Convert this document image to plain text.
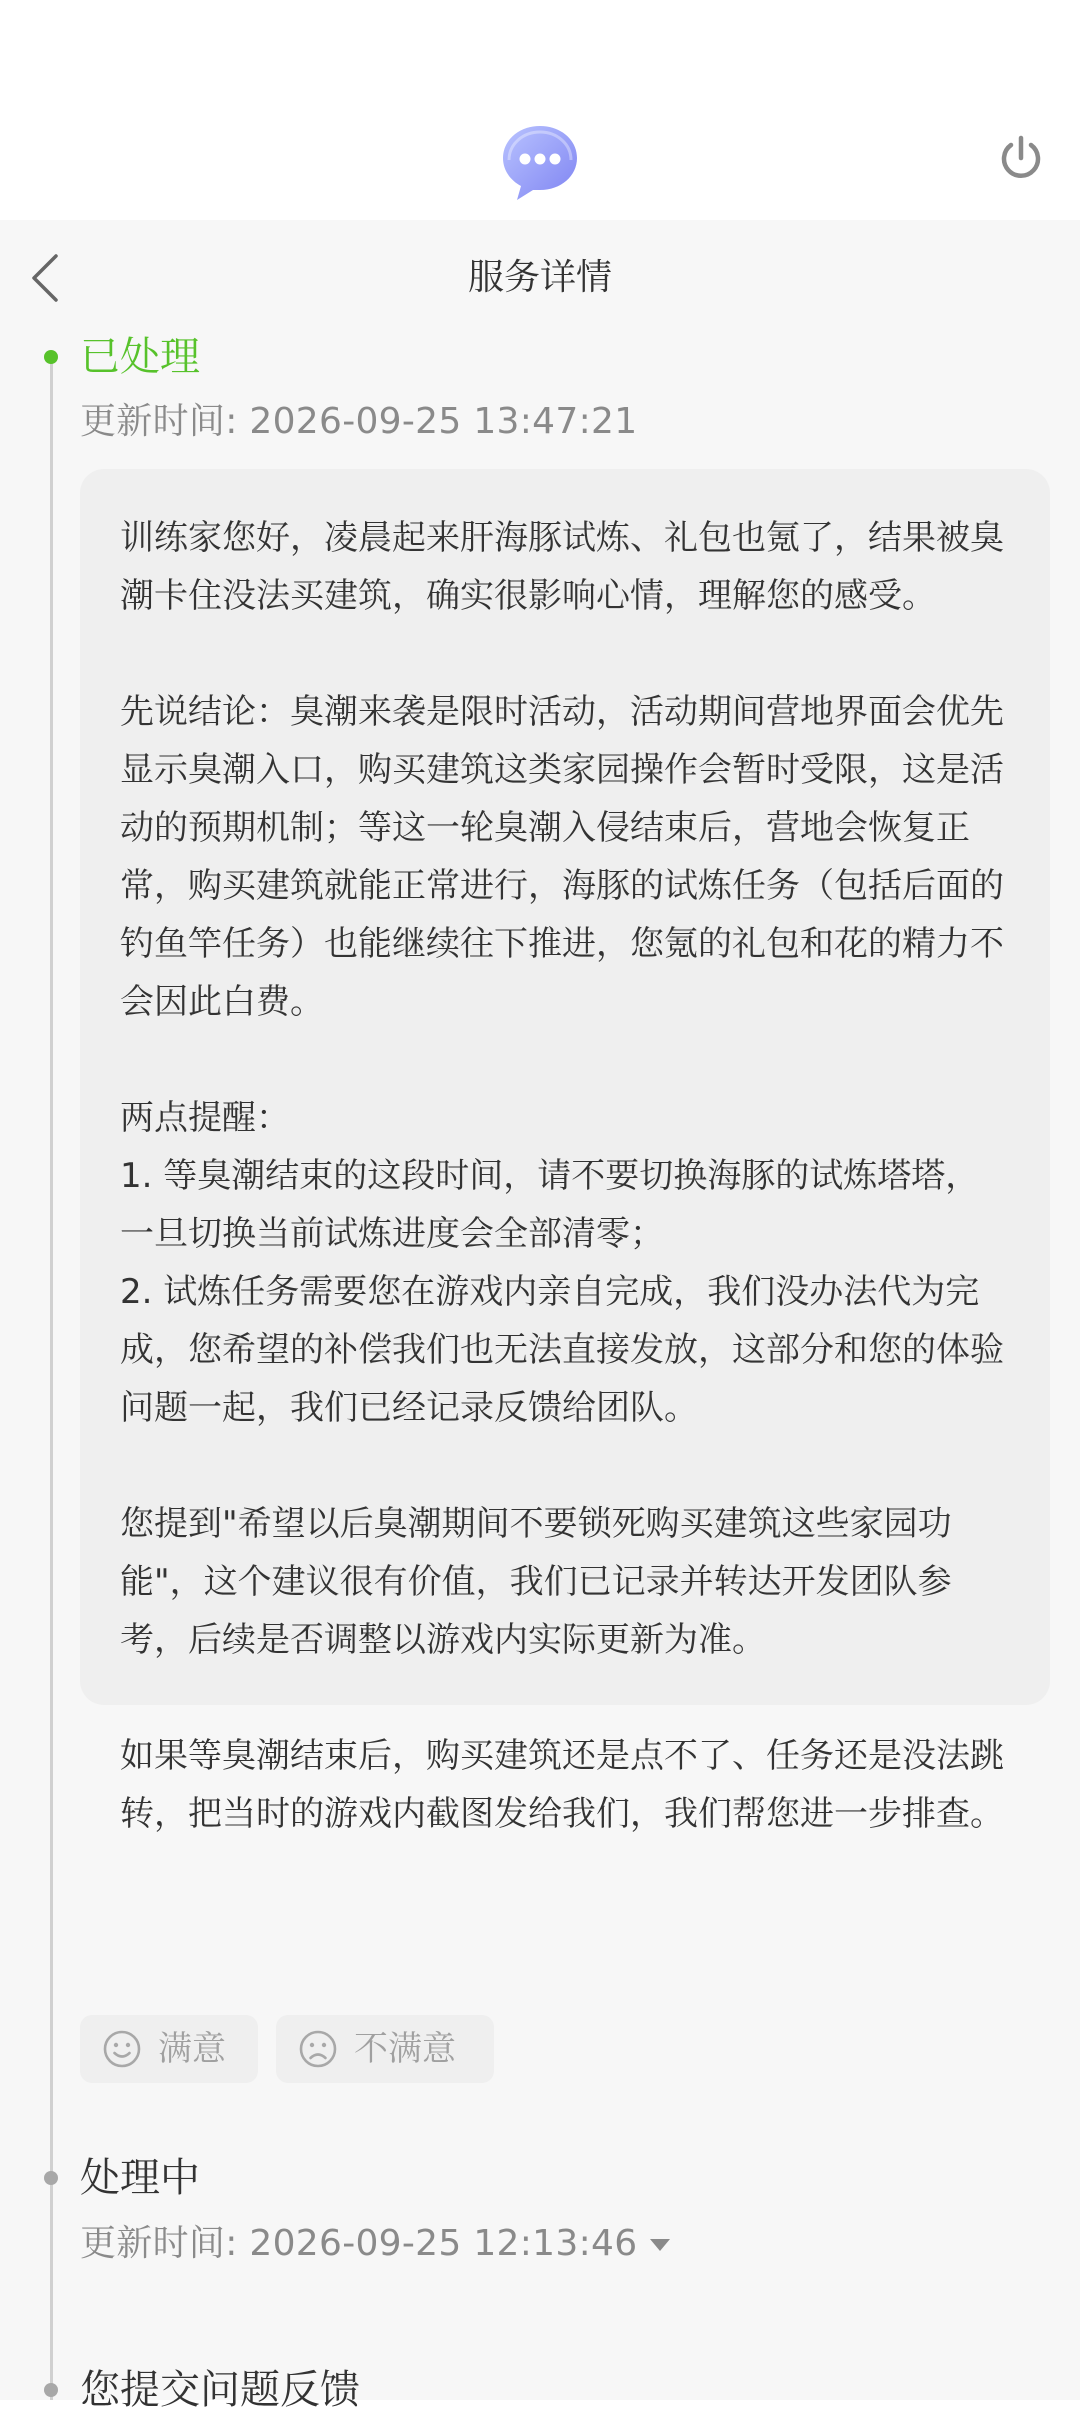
服务详情
已处理
更新时间: 2026-09-25 13:47:21
训练家您好，凌晨起来肝海豚试炼、礼包也氪了，结果被臭潮卡住没法买建筑，确实很影响心情，理解您的感受。
先说结论：臭潮来袭是限时活动，活动期间营地界面会优先显示臭潮入口，购买建筑这类家园操作会暂时受限，这是活动的预期机制；等这一轮臭潮入侵结束后，营地会恢复正常，购买建筑就能正常进行，海豚的试炼任务（包括后面的钓鱼竿任务）也能继续往下推进，您氪的礼包和花的精力不会因此白费。
两点提醒：
1. 等臭潮结束的这段时间，请不要切换海豚的试炼塔塔，一旦切换当前试炼进度会全部清零；
2. 试炼任务需要您在游戏内亲自完成，我们没办法代为完成，您希望的补偿我们也无法直接发放，这部分和您的体验问题一起，我们已经记录反馈给团队。
您提到"希望以后臭潮期间不要锁死购买建筑这些家园功能"，这个建议很有价值，我们已记录并转达开发团队参考，后续是否调整以游戏内实际更新为准。
如果等臭潮结束后，购买建筑还是点不了、任务还是没法跳转，把当时的游戏内截图发给我们，我们帮您进一步排查。
满意	不满意
处理中
更新时间: 2026-09-25 12:13:46
您提交问题反馈
